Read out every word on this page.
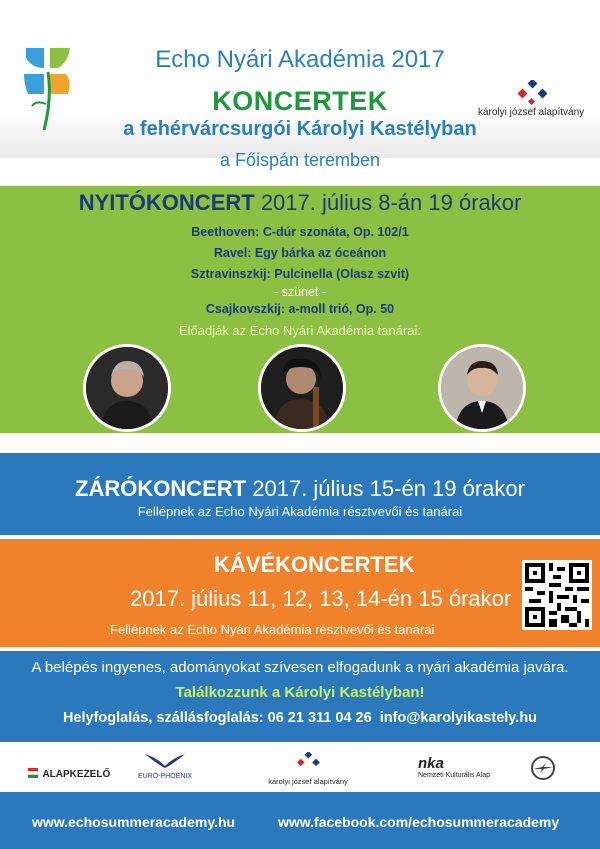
Echo Nyári Akadémia 2017
KONCERTEK
a fehérvárcsurgói Károlyi Kastélyban
a Főispán teremben
károlyi józsef alapítvány
NYITÓKONCERT 2017. július 8-án 19 órakor
Beethoven: C-dúr szonáta, Op. 102/1
Ravel: Egy bárka az óceánon
Sztravinszkij: Pulcinella (Olasz szvit)
- szünet -
Csajkovszkij: a-moll trió, Op. 50
Előadják az Echo Nyári Akadémia tanárai:
Kováts Péter hegedűművész	Varga István gordonkaművész	Fülei Balázs zongoraművész
ZÁRÓKONCERT 2017. július 15-én 19 órakor
Fellépnek az Echo Nyári Akadémia résztvevői és tanárai
KÁVÉKONCERTEK
2017. július 11, 12, 13, 14-én 15 órakor
Fellépnek az Echo Nyári Akadémia résztvevői és tanárai
A belépés ingyenes, adományokat szívesen elfogadunk a nyári akadémia javára.
Találkozzunk a Károlyi Kastélyban!
Helyfoglalás, szállásfoglalás: 06 21 311 04 26  info@karolyikastely.hu
ALAPKEZELŐ	EURO-PHOENIX
károlyi józsef alapítvány
nka
Nemzeti Kulturális Alap
www.echosummeracademy.hu	www.facebook.com/echosummeracademy
